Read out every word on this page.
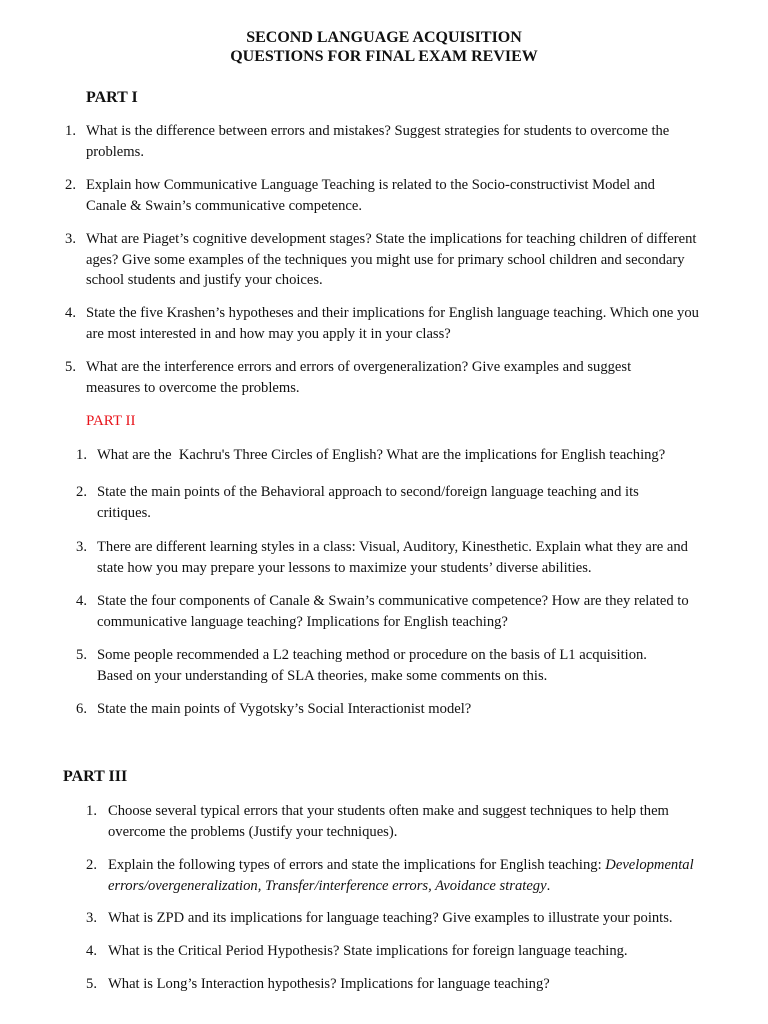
SECOND LANGUAGE ACQUISITION
QUESTIONS FOR FINAL EXAM REVIEW
PART I
1. What is the difference between errors and mistakes? Suggest strategies for students to overcome the problems.
2. Explain how Communicative Language Teaching is related to the Socio-constructivist Model and Canale & Swain’s communicative competence.
3. What are Piaget’s cognitive development stages? State the implications for teaching children of different ages? Give some examples of the techniques you might use for primary school children and secondary school students and justify your choices.
4. State the five Krashen’s hypotheses and their implications for English language teaching. Which one you are most interested in and how may you apply it in your class?
5. What are the interference errors and errors of overgeneralization? Give examples and suggest measures to overcome the problems.
PART II
1. What are the  Kachru's Three Circles of English? What are the implications for English teaching?
2. State the main points of the Behavioral approach to second/foreign language teaching and its critiques.
3. There are different learning styles in a class: Visual, Auditory, Kinesthetic. Explain what they are and state how you may prepare your lessons to maximize your students’ diverse abilities.
4. State the four components of Canale & Swain’s communicative competence? How are they related to communicative language teaching? Implications for English teaching?
5. Some people recommended a L2 teaching method or procedure on the basis of L1 acquisition. Based on your understanding of SLA theories, make some comments on this.
6. State the main points of Vygotsky’s Social Interactionist model?
PART III
1. Choose several typical errors that your students often make and suggest techniques to help them overcome the problems (Justify your techniques).
2. Explain the following types of errors and state the implications for English teaching: Developmental errors/overgeneralization, Transfer/interference errors, Avoidance strategy.
3. What is ZPD and its implications for language teaching? Give examples to illustrate your points.
4. What is the Critical Period Hypothesis? State implications for foreign language teaching.
5. What is Long’s Interaction hypothesis? Implications for language teaching?
